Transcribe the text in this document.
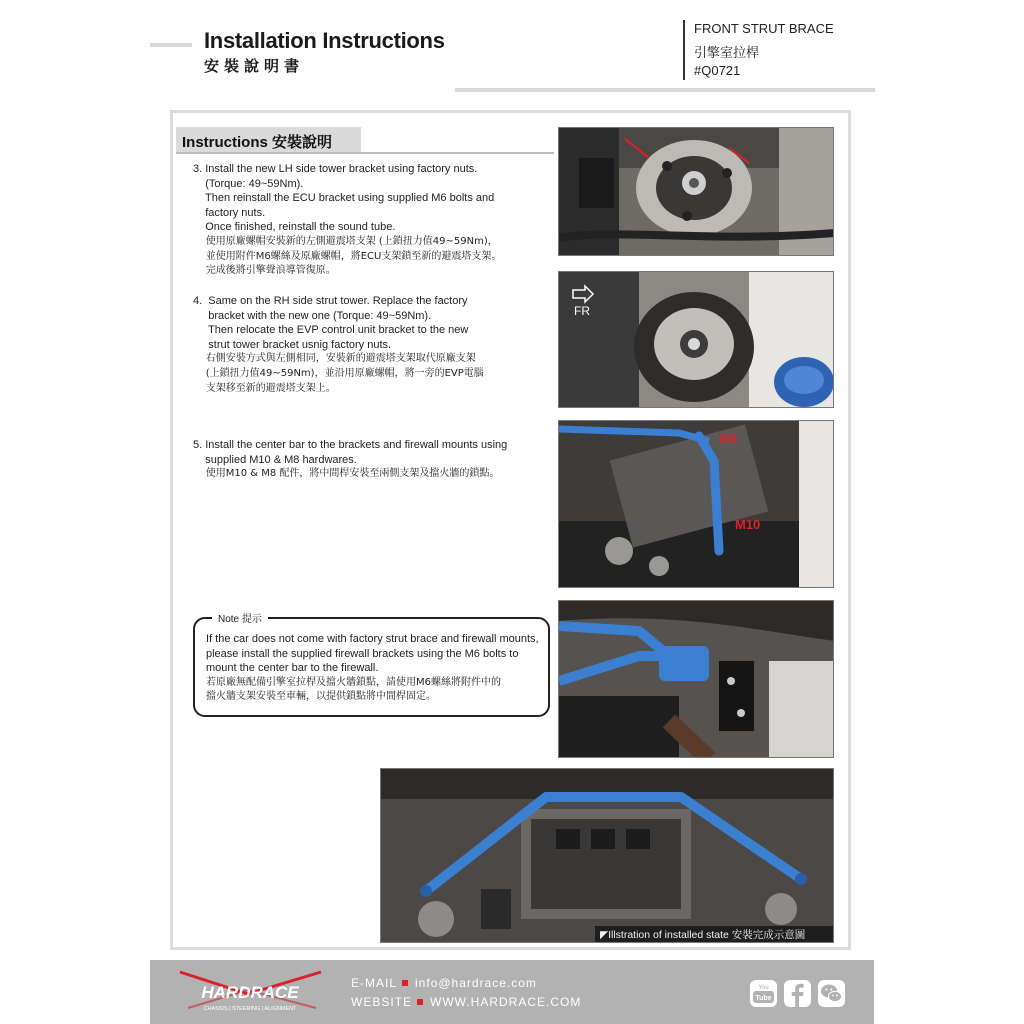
Installation Instructions
安裝說明書
FRONT STRUT BRACE
引擎室拉桿
#Q0721
Instructions 安裝說明
3. Install the new LH side tower bracket using factory nuts.
(Torque: 49~59Nm).
Then reinstall the ECU bracket using supplied M6 bolts and
factory nuts.
Once finished, reinstall the sound tube.
使用原廠螺帽安裝新的左側避震塔支架 (上鎖扭力值49~59Nm)，
並使用附件M6螺絲及原廠螺帽，將ECU支架鎖至新的避震塔支架。
完成後將引擎聲浪導管復原。
4.  Same on the RH side strut tower. Replace the factory
bracket with the new one (Torque: 49~59Nm).
Then relocate the EVP control unit bracket to the new
strut tower bracket usnig factory nuts.
右側安裝方式與左側相同，安裝新的避震塔支架取代原廠支架
(上鎖扭力值49~59Nm)，並沿用原廠螺帽，將一旁的EVP電腦
支架移至新的避震塔支架上。
5. Install the center bar to the brackets and firewall mounts using
supplied M10 & M8 hardwares.
使用M10 & M8 配件，將中間桿安裝至兩側支架及擋火牆的鎖點。
Note 提示
If the car does not come with factory strut brace and firewall mounts,
please install the supplied firewall brackets using the M6 bolts to
mount the center bar to the firewall.
若原廠無配備引擎室拉桿及擋火牆鎖點，請使用M6螺絲將附件中的
擋火牆支架安裝至車輛，以提供鎖點將中間桿固定。
FR
M8
M10
◤Illstration of installed state 安裝完成示意圖
HARDRACE
CHASSIS | STEERING | ALIGNMENT
E-MAIL info@hardrace.com
WEBSITE WWW.HARDRACE.COM
You
Tube
